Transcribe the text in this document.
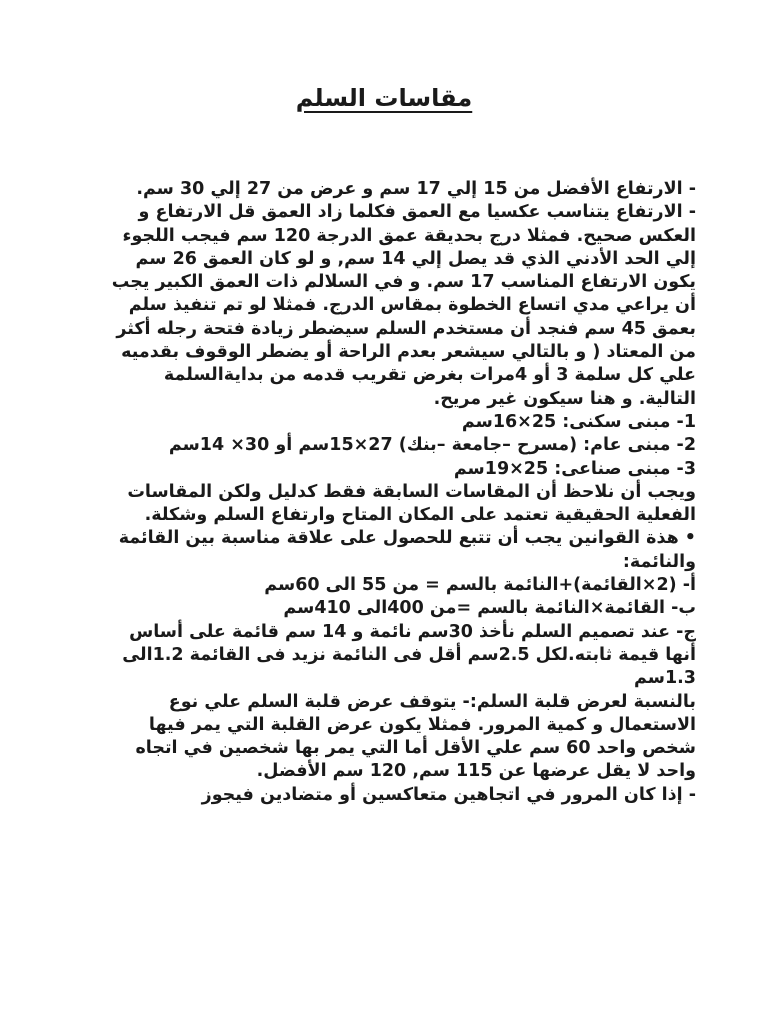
مقاسات السلم

- الارتفاع الأفضل من 15 إلي 17 سم و عرض من 27 إلي 30 سم.

- الارتفاع يتناسب عكسيا مع العمق فكلما زاد العمق قل الارتفاع و العكس صحيح. فمثلا درج بحديقة عمق الدرجة 120 سم فيجب اللجوء إلي الحد الأدني الذي قد يصل إلي 14 سم, و لو كان العمق 26 سم يكون الارتفاع المناسب 17 سم. و في السلالم ذات العمق الكبير يجب أن يراعي مدي اتساع الخطوة بمقاس الدرج. فمثلا لو تم تنفيذ سلم بعمق 45 سم فنجد أن مستخدم السلم سيضطر زيادة فتحة رجله أكثر من المعتاد ( و بالتالي سيشعر بعدم الراحة أو يضطر الوقوف بقدميه علي كل سلمة 3 أو 4مرات بغرض تقريب قدمه من بدايةالسلمة التالية. و هنا سيكون غير مريح.

1- مبنى سكنى: 25×16سم

2- مبنى عام: (مسرح –جامعة –بنك) 27×15سم أو 30× 14سم

3- مبنى صناعى: 25×19سم

ويجب أن نلاحظ أن المقاسات السابقة فقط كدليل ولكن المقاسات الفعلية الحقيقية تعتمد على المكان المتاح وارتفاع السلم وشكلة.

• هذة القوانين يجب أن تتبع للحصول على علاقة مناسبة بين القائمة والنائمة:

أ- (2×القائمة)+النائمة بالسم = من 55 الى 60سم

ب- القائمة×النائمة بالسم =من 400الى 410سم

ج- عند تصميم السلم نأخذ 30سم نائمة و 14 سم قائمة على أساس أنها قيمة ثابته.لكل 2.5سم أقل فى النائمة نزيد فى القائمة 1.2الى 1.3سم

بالنسبة لعرض قلبة السلم:- يتوقف عرض قلبة السلم علي نوع الاستعمال و كمية المرور. فمثلا يكون عرض القلبة التي يمر فيها شخص واحد 60 سم علي الأقل أما التي يمر بها شخصين في اتجاه واحد لا يقل عرضها عن 115 سم, 120 سم الأفضل.

- إذا كان المرور في اتجاهين متعاكسين أو متضادين فيجوز
